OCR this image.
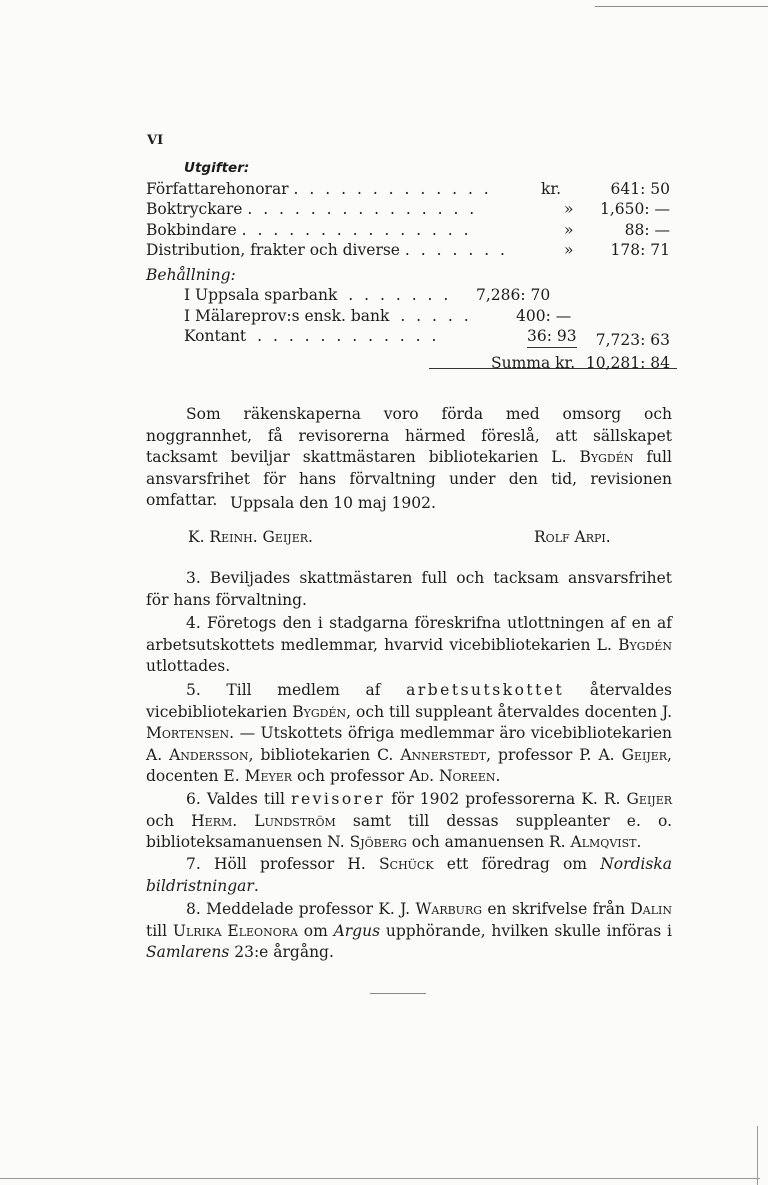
VI
Utgifter:
Författarehonorar . . . . . . . . . . . . .	kr.	641: 50
Boktryckare . . . . . . . . . . . . . . .	» 1,650: —
Bokbindare . . . . . . . . . . . . . . .	»	88: —
Distribution, frakter och diverse . . . . . . .	» 178: 71
Behållning:
I Uppsala sparbank . . . . . . . 7,286: 70
I Mälareprov:s ensk. bank . . . . .	400: —
Kontant . . . . . . . . . . . .	36: 93 7,723: 63
Summa kr. 10,281: 84

Som räkenskaperna voro förda med omsorg och noggrannhet, få revisorerna härmed föreslå, att sällskapet tacksamt beviljar skattmästaren bibliotekarien L. Bygdén full ansvarsfrihet för hans förvaltning under den tid, revisionen omfattar. Uppsala den 10 maj 1902.

K. Reinh. Geijer.	Rolf Arpi.

3. Beviljades skattmästaren full och tacksam ansvarsfrihet för hans förvaltning.

4. Företogs den i stadgarna föreskrifna utlottningen af en af arbetsutskottets medlemmar, hvarvid vicebibliotekarien L. Bygdén utlottades.

5. Till medlem af arbetsutskottet återvaldes vicebibliotekarien Bygdén, och till suppleant återvaldes docenten J. Mortensen. — Utskottets öfriga medlemmar äro vicebibliotekarien A. Andersson, bibliotekarien C. Annerstedt, professor P. A. Geijer, docenten E. Meyer och professor Ad. Noreen.

6. Valdes till revisorer för 1902 professorerna K. R. Geijer och Herm. Lundström samt till dessas suppleanter e. o. biblioteksamanuensen N. Sjöberg och amanuensen R. Almqvist.

7. Höll professor H. Schück ett föredrag om Nordiska bildristningar.

8. Meddelade professor K. J. Warburg en skrifvelse från Dalin till Ulrika Eleonora om Argus upphörande, hvilken skulle införas i Samlarens 23:e årgång.
